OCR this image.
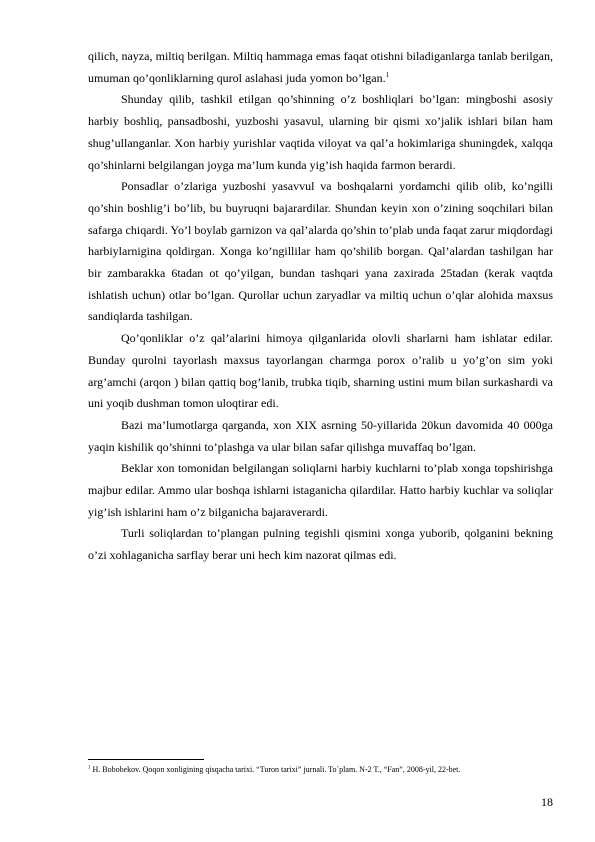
qilich, nayza, miltiq berilgan. Miltiq hammaga emas faqat otishni biladiganlarga tanlab berilgan, umuman qo’qonliklarning qurol aslahasi juda yomon bo’lgan.$^1$

Shunday qilib, tashkil etilgan qo’shinning o’z boshliqlari bo’lgan: mingboshi asosiy harbiy boshliq, pansadboshi, yuzboshi yasavul, ularning bir qismi xo’jalik ishlari bilan ham shug’ullanganlar. Xon harbiy yurishlar vaqtida viloyat va qal’a hokimlariga shuningdek, xalqqa qo’shinlarni belgilangan joyga ma’lum kunda yig’ish haqida farmon berardi.

Ponsadlar o’zlariga yuzboshi yasavvul va boshqalarni yordamchi qilib olib, ko’ngilli qo’shin boshlig’i bo’lib, bu buyruqni bajarardilar. Shundan keyin xon o’zining soqchilari bilan safarga chiqardi. Yo’l boylab garnizon va qal’alarda qo’shin to’plab unda faqat zarur miqdordagi harbiylarnigina qoldirgan. Xonga ko’ngillilar ham qo’shilib borgan. Qal’alardan tashilgan har bir zambarakka 6tadan ot qo’yilgan, bundan tashqari yana zaxirada 25tadan (kerak vaqtda ishlatish uchun) otlar bo’lgan. Qurollar uchun zaryadlar va miltiq uchun o’qlar alohida maxsus sandiqlarda tashilgan.

Qo’qonliklar o’z qal’alarini himoya qilganlarida olovli sharlarni ham ishlatar edilar. Bunday qurolni tayorlash maxsus tayorlangan charmga porox o’ralib u yo’g’on sim yoki arg’amchi (arqon ) bilan qattiq bog’lanib, trubka tiqib, sharning ustini mum bilan surkashardi va uni yoqib dushman tomon uloqtirar edi.

Bazi ma’lumotlarga qarganda, xon XIX asrning 50-yillarida 20kun davomida 40 000ga yaqin kishilik qo’shinni to’plashga va ular bilan safar qilishga muvaffaq bo’lgan.

Beklar xon tomonidan belgilangan soliqlarni harbiy kuchlarni to’plab xonga topshirishga majbur edilar. Ammo ular boshqa ishlarni istaganicha qilardilar. Hatto harbiy kuchlar va soliqlar yig’ish ishlarini ham o’z bilganicha bajaraverardi.

Turli soliqlardan to’plangan pulning tegishli qismini xonga yuborib, qolganini bekning o’zi xohlaganicha sarflay berar uni hech kim nazorat qilmas edi.

$^1$ H. Bobobekov. Qoqon xonligining qisqacha tarixi. “Turon tarixi” jurnali. To`plam. N-2 T., “Fan”, 2008-yil, 22-bet.
18
